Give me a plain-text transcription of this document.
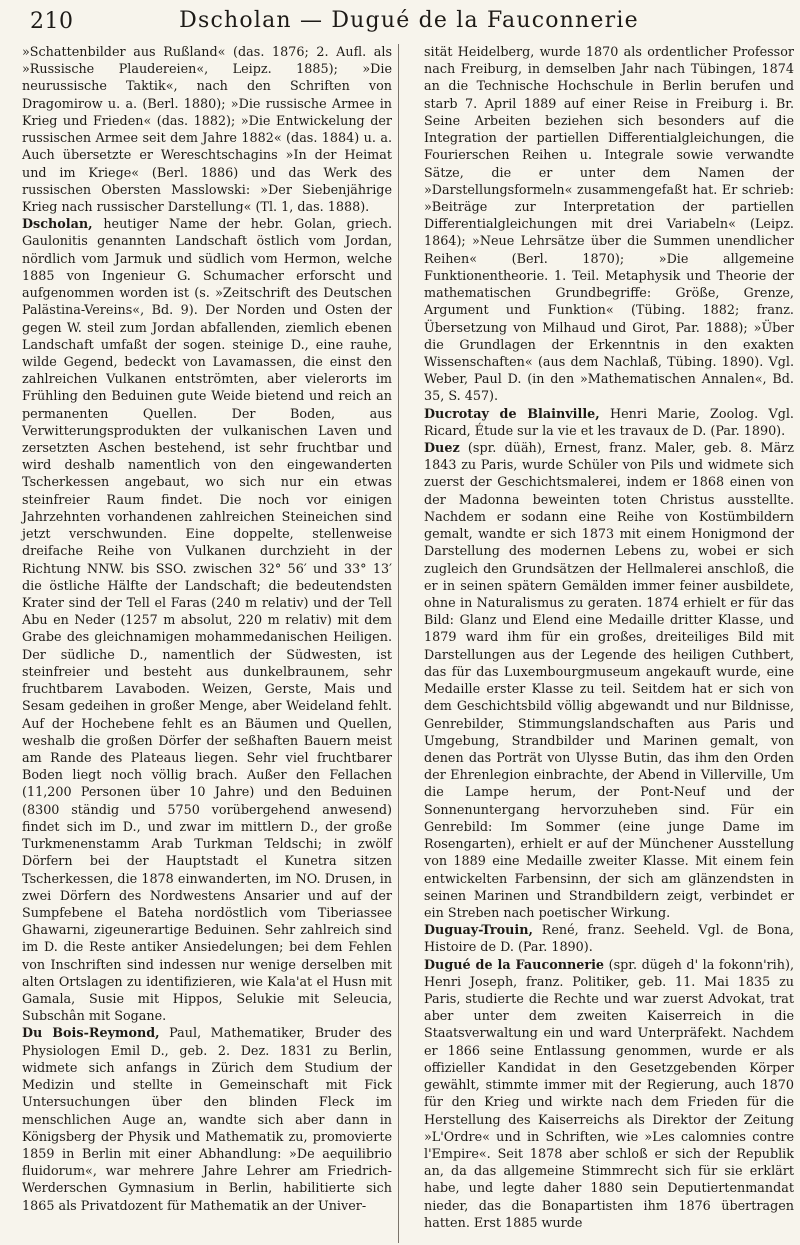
210	Dscholan — Dugué de la Fauconnerie

»Schattenbilder aus Rußland« (das. 1876; 2. Aufl. als »Russische Plaudereien«, Leipz. 1885); »Die neurussische Taktik«, nach den Schriften von Dragomirow u. a. (Berl. 1880); »Die russische Armee in Krieg und Frieden« (das. 1882); »Die Entwickelung der russischen Armee seit dem Jahre 1882« (das. 1884) u. a. Auch übersetzte er Wereschtschagins »In der Heimat und im Kriege« (Berl. 1886) und das Werk des russischen Obersten Masslowski: »Der Siebenjährige Krieg nach russischer Darstellung« (Tl. 1, das. 1888).

Dscholan, heutiger Name der hebr. Golan, griech. Gaulonitis genannten Landschaft östlich vom Jordan, nördlich vom Jarmuk und südlich vom Hermon, welche 1885 von Ingenieur G. Schumacher erforscht und aufgenommen worden ist (s. »Zeitschrift des Deutschen Palästina-Vereins«, Bd. 9). Der Norden und Osten der gegen W. steil zum Jordan abfallenden, ziemlich ebenen Landschaft umfaßt der sogen. steinige D., eine rauhe, wilde Gegend, bedeckt von Lavamassen, die einst den zahlreichen Vulkanen entströmten, aber vielerorts im Frühling den Beduinen gute Weide bietend und reich an permanenten Quellen. Der Boden, aus Verwitterungsprodukten der vulkanischen Laven und zersetzten Aschen bestehend, ist sehr fruchtbar und wird deshalb namentlich von den eingewanderten Tscherkessen angebaut, wo sich nur ein etwas steinfreier Raum findet. Die noch vor einigen Jahrzehnten vorhandenen zahlreichen Steineichen sind jetzt verschwunden. Eine doppelte, stellenweise dreifache Reihe von Vulkanen durchzieht in der Richtung NNW. bis SSO. zwischen 32° 56′ und 33° 13′ die östliche Hälfte der Landschaft; die bedeutendsten Krater sind der Tell el Faras (240 m relativ) und der Tell Abu en Neder (1257 m absolut, 220 m relativ) mit dem Grabe des gleichnamigen mohammedanischen Heiligen. Der südliche D., namentlich der Südwesten, ist steinfreier und besteht aus dunkelbraunem, sehr fruchtbarem Lavaboden. Weizen, Gerste, Mais und Sesam gedeihen in großer Menge, aber Weideland fehlt. Auf der Hochebene fehlt es an Bäumen und Quellen, weshalb die großen Dörfer der seßhaften Bauern meist am Rande des Plateaus liegen. Sehr viel fruchtbarer Boden liegt noch völlig brach. Außer den Fellachen (11,200 Personen über 10 Jahre) und den Beduinen (8300 ständig und 5750 vorübergehend anwesend) findet sich im D., und zwar im mittlern D., der große Turkmenenstamm Arab Turkman Teldschi; in zwölf Dörfern bei der Hauptstadt el Kunetra sitzen Tscherkessen, die 1878 einwanderten, im NO. Drusen, in zwei Dörfern des Nordwestens Ansarier und auf der Sumpfebene el Bateha nordöstlich vom Tiberiassee Ghawarni, zigeunerartige Beduinen. Sehr zahlreich sind im D. die Reste antiker Ansiedelungen; bei dem Fehlen von Inschriften sind indessen nur wenige derselben mit alten Ortslagen zu identifizieren, wie Kala'at el Husn mit Gamala, Susie mit Hippos, Selukie mit Seleucia, Subschân mit Sogane.

Du Bois-Reymond, Paul, Mathematiker, Bruder des Physiologen Emil D., geb. 2. Dez. 1831 zu Berlin, widmete sich anfangs in Zürich dem Studium der Medizin und stellte in Gemeinschaft mit Fick Untersuchungen über den blinden Fleck im menschlichen Auge an, wandte sich aber dann in Königsberg der Physik und Mathematik zu, promovierte 1859 in Berlin mit einer Abhandlung: »De aequilibrio fluidorum«, war mehrere Jahre Lehrer am Friedrich-Werderschen Gymnasium in Berlin, habilitierte sich 1865 als Privatdozent für Mathematik an der Univer-

sität Heidelberg, wurde 1870 als ordentlicher Professor nach Freiburg, in demselben Jahr nach Tübingen, 1874 an die Technische Hochschule in Berlin berufen und starb 7. April 1889 auf einer Reise in Freiburg i. Br. Seine Arbeiten beziehen sich besonders auf die Integration der partiellen Differentialgleichungen, die Fourierschen Reihen u. Integrale sowie verwandte Sätze, die er unter dem Namen der »Darstellungsformeln« zusammengefaßt hat. Er schrieb: »Beiträge zur Interpretation der partiellen Differentialgleichungen mit drei Variabeln« (Leipz. 1864); »Neue Lehrsätze über die Summen unendlicher Reihen« (Berl. 1870); »Die allgemeine Funktionentheorie. 1. Teil. Metaphysik und Theorie der mathematischen Grundbegriffe: Größe, Grenze, Argument und Funktion« (Tübing. 1882; franz. Übersetzung von Milhaud und Girot, Par. 1888); »Über die Grundlagen der Erkenntnis in den exakten Wissenschaften« (aus dem Nachlaß, Tübing. 1890). Vgl. Weber, Paul D. (in den »Mathematischen Annalen«, Bd. 35, S. 457).

Ducrotay de Blainville, Henri Marie, Zoolog. Vgl. Ricard, Étude sur la vie et les travaux de D. (Par. 1890).

Duez (spr. düäh), Ernest, franz. Maler, geb. 8. März 1843 zu Paris, wurde Schüler von Pils und widmete sich zuerst der Geschichtsmalerei, indem er 1868 einen von der Madonna beweinten toten Christus ausstellte. Nachdem er sodann eine Reihe von Kostümbildern gemalt, wandte er sich 1873 mit einem Honigmond der Darstellung des modernen Lebens zu, wobei er sich zugleich den Grundsätzen der Hellmalerei anschloß, die er in seinen spätern Gemälden immer feiner ausbildete, ohne in Naturalismus zu geraten. 1874 erhielt er für das Bild: Glanz und Elend eine Medaille dritter Klasse, und 1879 ward ihm für ein großes, dreiteiliges Bild mit Darstellungen aus der Legende des heiligen Cuthbert, das für das Luxembourgmuseum angekauft wurde, eine Medaille erster Klasse zu teil. Seitdem hat er sich von dem Geschichtsbild völlig abgewandt und nur Bildnisse, Genrebilder, Stimmungslandschaften aus Paris und Umgebung, Strandbilder und Marinen gemalt, von denen das Porträt von Ulysse Butin, das ihm den Orden der Ehrenlegion einbrachte, der Abend in Villerville, Um die Lampe herum, der Pont-Neuf und der Sonnenuntergang hervorzuheben sind. Für ein Genrebild: Im Sommer (eine junge Dame im Rosengarten), erhielt er auf der Münchener Ausstellung von 1889 eine Medaille zweiter Klasse. Mit einem fein entwickelten Farbensinn, der sich am glänzendsten in seinen Marinen und Strandbildern zeigt, verbindet er ein Streben nach poetischer Wirkung.

Duguay-Trouin, René, franz. Seeheld. Vgl. de Bona, Histoire de D. (Par. 1890).

Dugué de la Fauconnerie (spr. dügeh d' la fokonn'rih), Henri Joseph, franz. Politiker, geb. 11. Mai 1835 zu Paris, studierte die Rechte und war zuerst Advokat, trat aber unter dem zweiten Kaiserreich in die Staatsverwaltung ein und ward Unterpräfekt. Nachdem er 1866 seine Entlassung genommen, wurde er als offizieller Kandidat in den Gesetzgebenden Körper gewählt, stimmte immer mit der Regierung, auch 1870 für den Krieg und wirkte nach dem Frieden für die Herstellung des Kaiserreichs als Direktor der Zeitung »L'Ordre« und in Schriften, wie »Les calomnies contre l'Empire«. Seit 1878 aber schloß er sich der Republik an, da das allgemeine Stimmrecht sich für sie erklärt habe, und legte daher 1880 sein Deputiertenmandat nieder, das die Bonapartisten ihm 1876 übertragen hatten. Erst 1885 wurde
